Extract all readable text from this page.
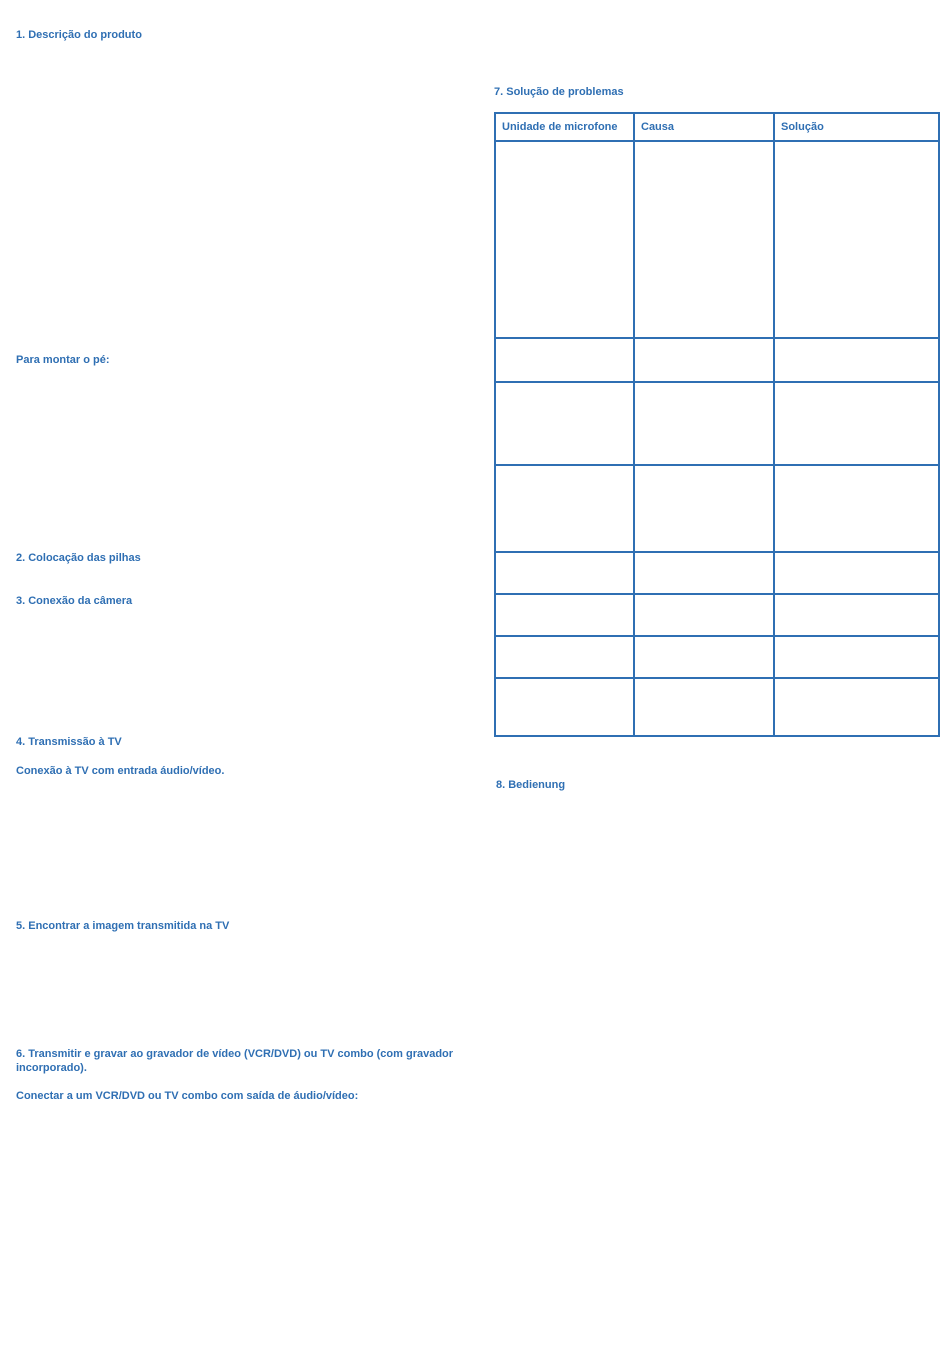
1. Descrição do produto

Para montar o pé:

2. Colocação das pilhas

3. Conexão da câmera

4. Transmissão à TV

Conexão à TV com entrada áudio/vídeo.

5. Encontrar a imagem transmitida na TV

6. Transmitir e gravar ao gravador de vídeo (VCR/DVD) ou TV combo (com gravador incorporado).

Conectar a um VCR/DVD ou TV combo com saída de áudio/vídeo:

7. Solução de problemas

Unidade de microfone	Causa	Solução

8. Bedienung
